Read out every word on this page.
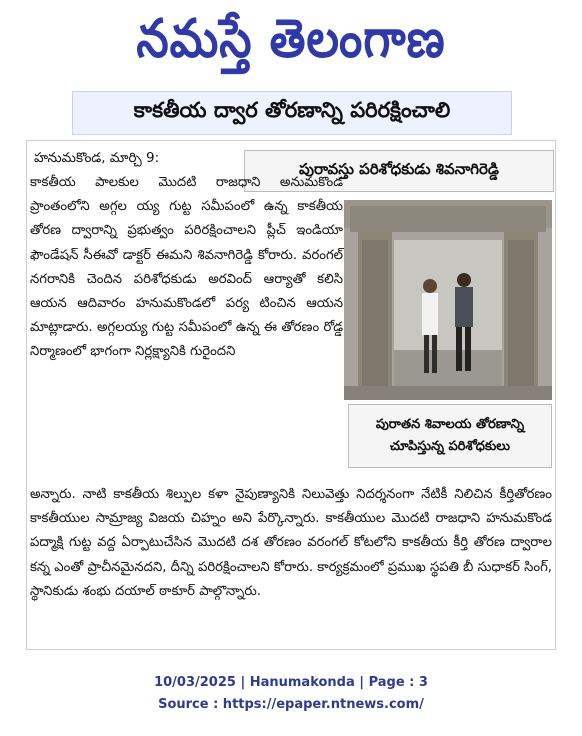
నమస్తే తెలంగాణ
కాకతీయ ద్వార తోరణాన్ని పరిరక్షించాలి
హనుమకొండ, మార్చి 9:
పురావస్తు పరిశోధకుడు శివనాగిరెడ్డి

కాకతీయ పాలకుల మొదటి రాజధాని అనుమకొండ ప్రాంతంలోని అగ్గల య్య గుట్ట సమీపంలో ఉన్న కాకతీయ తోరణ ద్వారాన్ని ప్రభుత్వం పరిరక్షించాలని ప్లీచ్ ఇండియా ఫౌండేషన్ సీఈవో డాక్టర్ ఈమని శివనాగిరెడ్డి కోరారు. వరంగల్ నగరానికి చెందిన పరిశోధకుడు అరవింద్ ఆర్యాతో కలిసి ఆయన ఆదివారం హనుమకొండలో పర్య టించిన ఆయన మాట్లాడారు. అగ్గలయ్య గుట్ట సమీపంలో ఉన్న ఈ తోరణం రోడ్డ నిర్మాణంలో భాగంగా నిర్లక్ష్యానికి గురైందని

పురాతన శివాలయ తోరణాన్ని
చూపిస్తున్న పరిశోధకులు

అన్నారు. నాటి కాకతీయ శిల్పుల కళా నైపుణ్యానికి నిలువెత్తు నిదర్శనంగా నేటికీ నిలిచిన కీర్తితోరణం కాకతీయుల సామ్రాజ్య విజయ చిహ్నం అని పేర్కొన్నారు. కాకతీయుల మొదటి రాజధాని హనుమకొండ పద్మాక్షి గుట్ట వద్ద ఏర్పాటుచేసిన మొదటి దశ తోరణం వరంగల్ కోటలోని కాకతీయ కీర్తి తోరణ ద్వారాల కన్న ఎంతో ప్రాచీనమైనదని, దీన్ని పరిరక్షించాలని కోరారు. కార్యక్రమంలో ప్రముఖ స్థపతి బీ సుధాకర్ సింగ్, స్థానికుడు శంభు దయాల్ ఠాకూర్ పాల్గొన్నారు.

10/03/2025 | Hanumakonda | Page : 3
Source : https://epaper.ntnews.com/
